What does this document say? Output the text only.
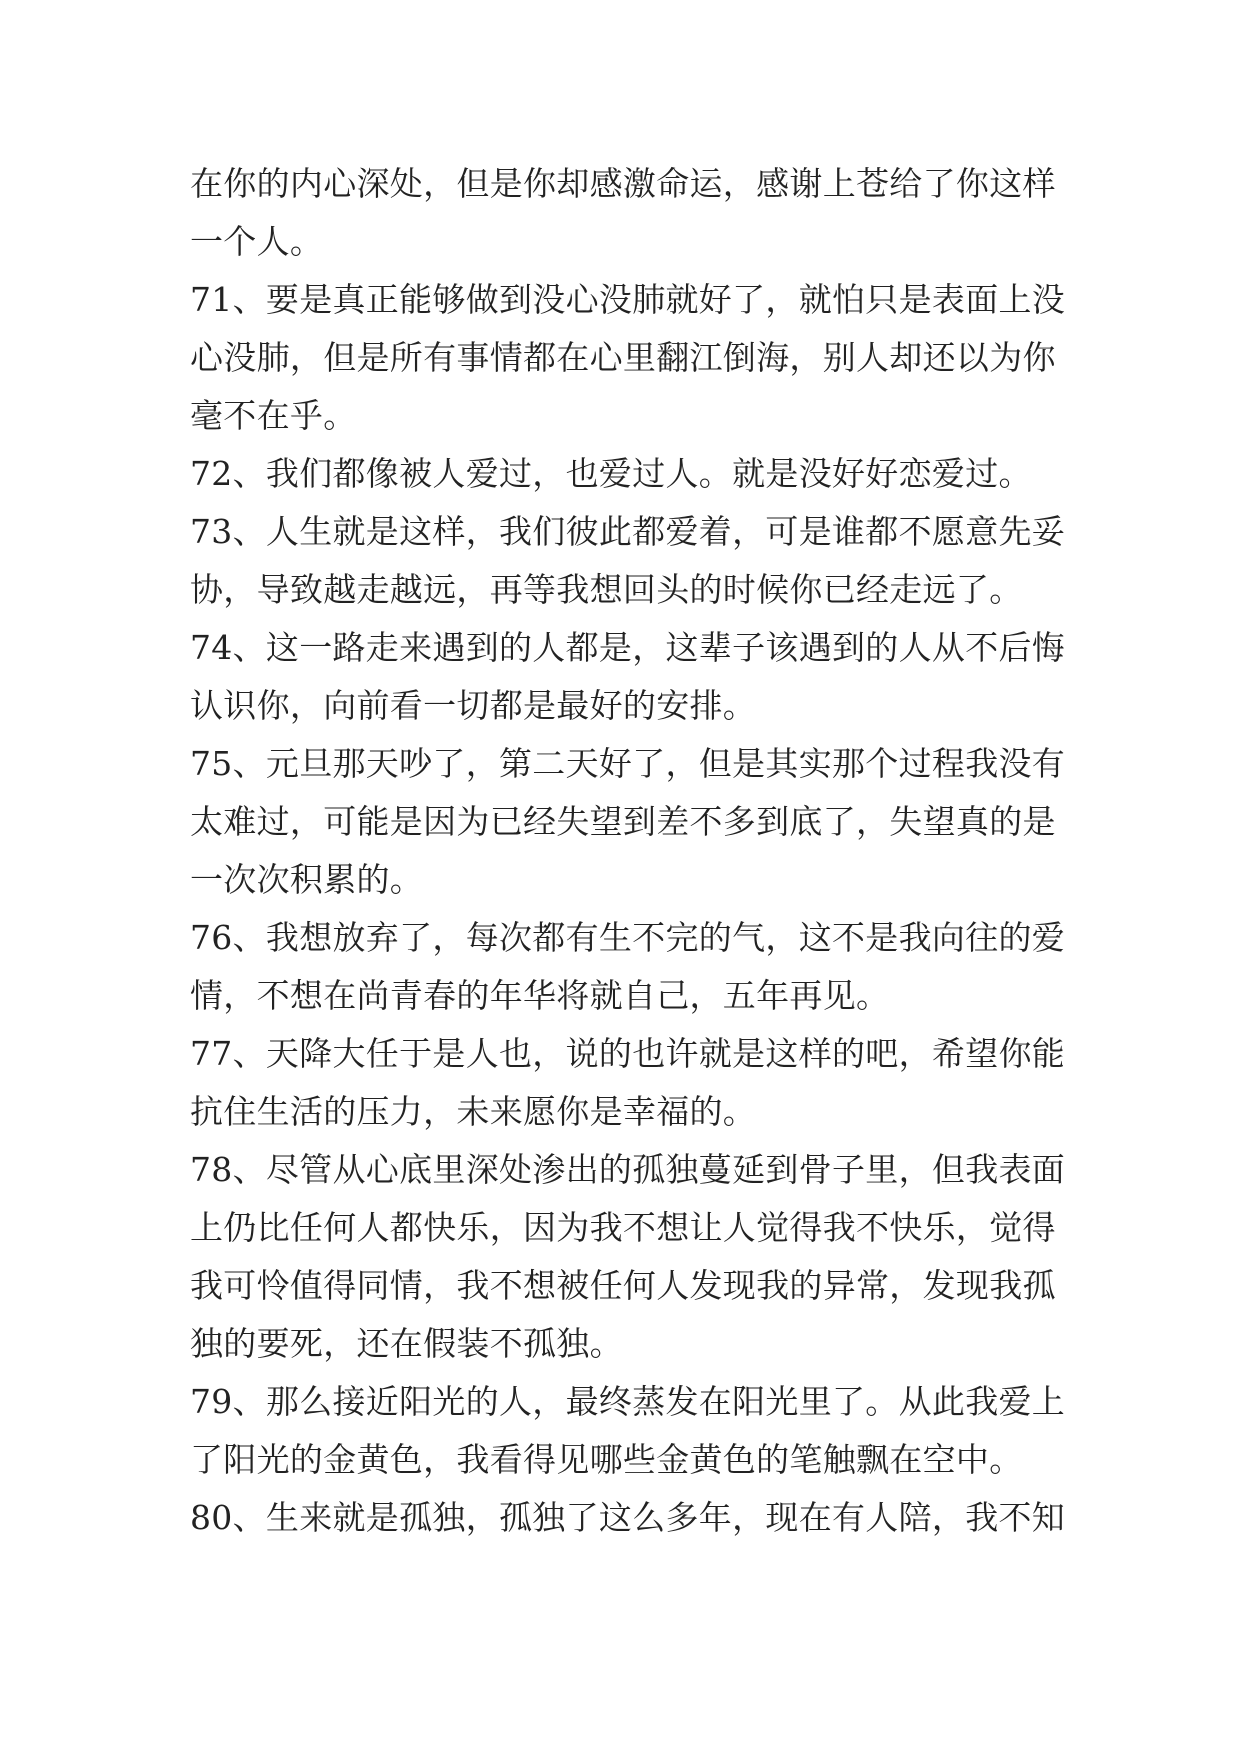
在你的内心深处，但是你却感激命运，感谢上苍给了你这样
一个人。
71、要是真正能够做到没心没肺就好了，就怕只是表面上没
心没肺，但是所有事情都在心里翻江倒海，别人却还以为你
毫不在乎。
72、我们都像被人爱过，也爱过人。就是没好好恋爱过。
73、人生就是这样，我们彼此都爱着，可是谁都不愿意先妥
协，导致越走越远，再等我想回头的时候你已经走远了。
74、这一路走来遇到的人都是，这辈子该遇到的人从不后悔
认识你，向前看一切都是最好的安排。
75、元旦那天吵了，第二天好了，但是其实那个过程我没有
太难过，可能是因为已经失望到差不多到底了，失望真的是
一次次积累的。
76、我想放弃了，每次都有生不完的气，这不是我向往的爱
情，不想在尚青春的年华将就自己，五年再见。
77、天降大任于是人也，说的也许就是这样的吧，希望你能
抗住生活的压力，未来愿你是幸福的。
78、尽管从心底里深处渗出的孤独蔓延到骨子里，但我表面
上仍比任何人都快乐，因为我不想让人觉得我不快乐，觉得
我可怜值得同情，我不想被任何人发现我的异常，发现我孤
独的要死，还在假装不孤独。
79、那么接近阳光的人，最终蒸发在阳光里了。从此我爱上
了阳光的金黄色，我看得见哪些金黄色的笔触飘在空中。
80、生来就是孤独，孤独了这么多年，现在有人陪，我不知
